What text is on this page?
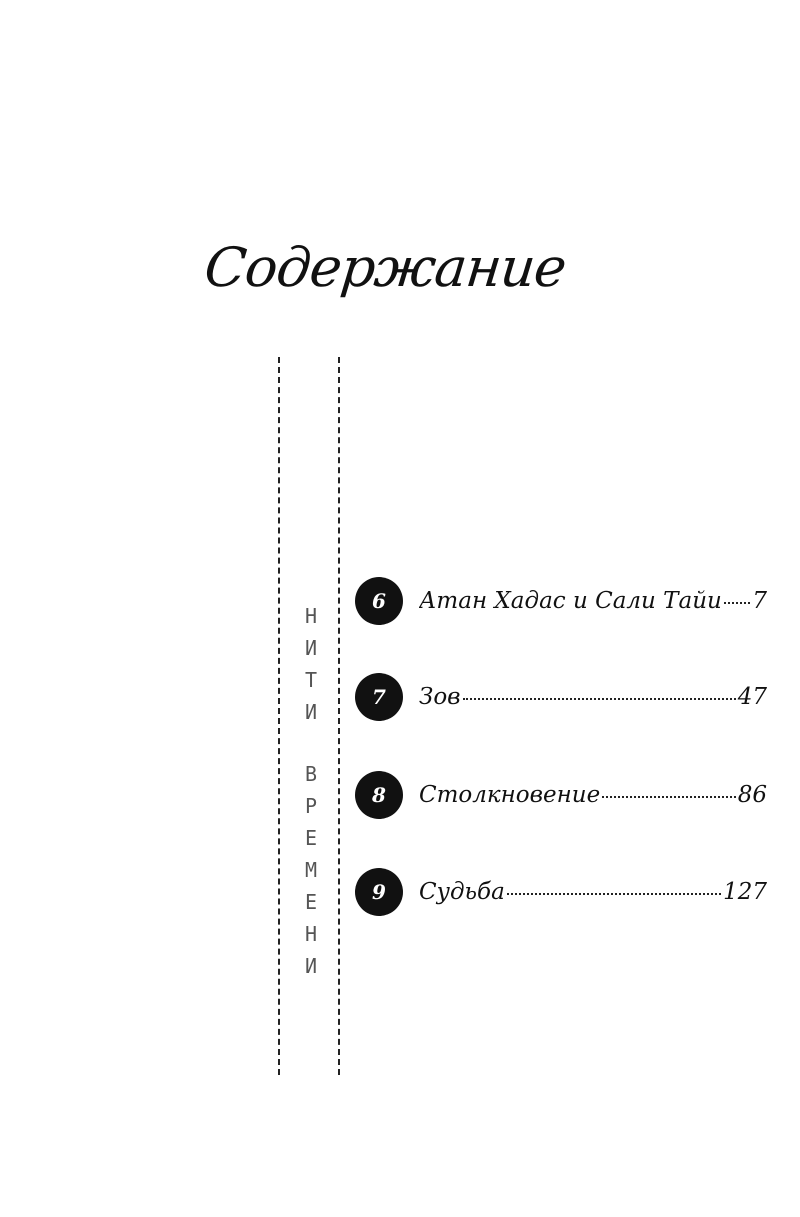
Содержание
Н
И
Т
И
В
Р
Е
М
Е
Н
И
6	Атан Хадас и Сали Тайи 7
7	Зов	47
8	Столкновение	86
9	Судьба	127
